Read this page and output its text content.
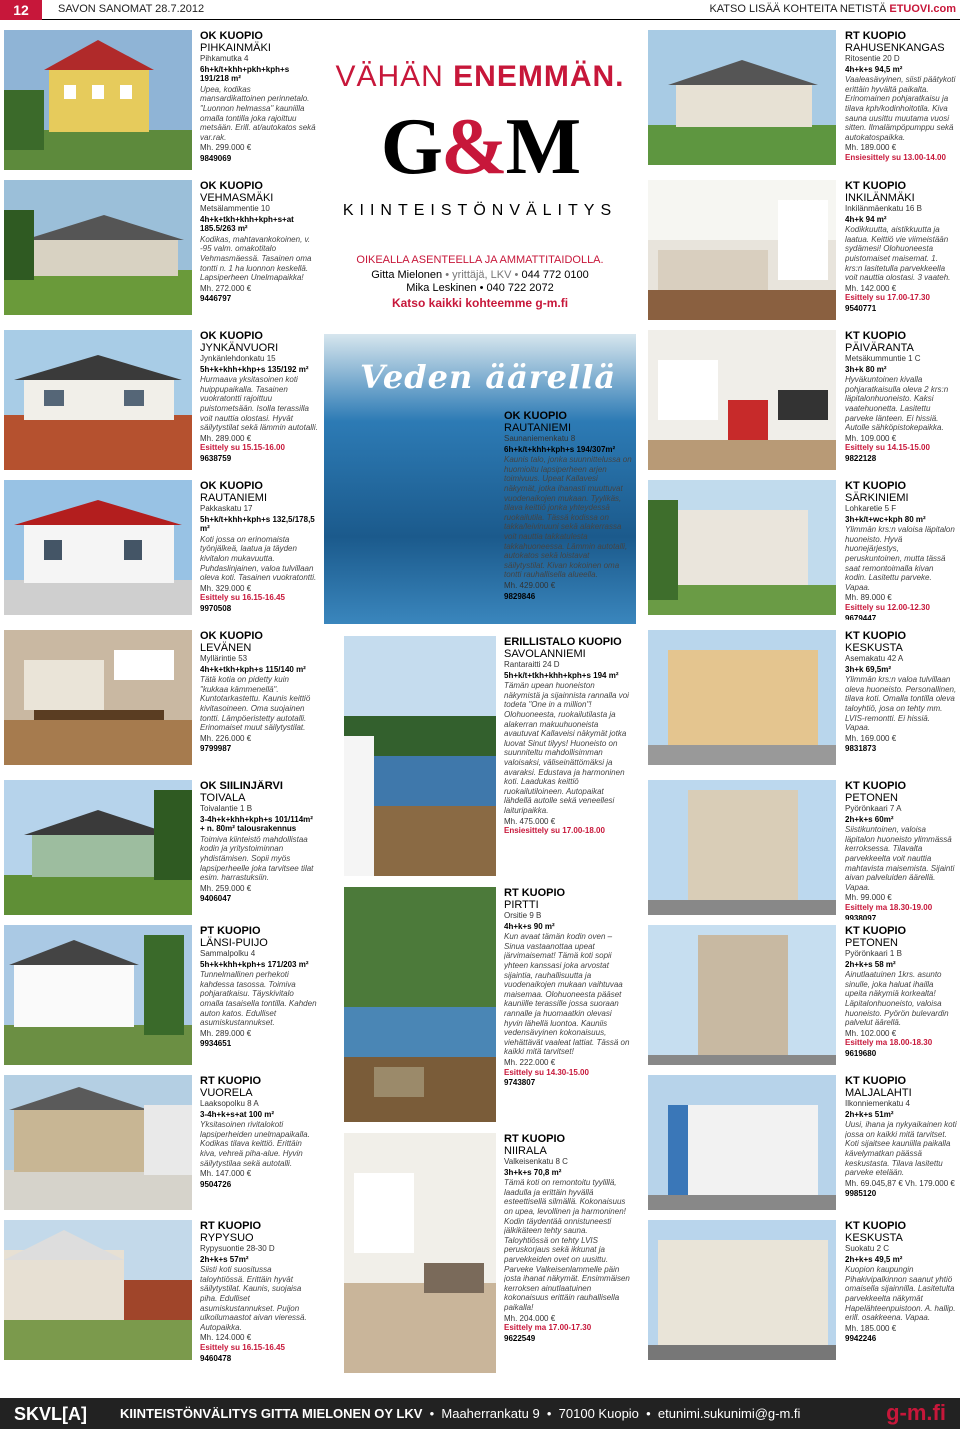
12	SAVON SANOMAT 28.7.2012	KATSO LISÄÄ KOHTEITA NETISTÄ ETUOVI.com
VÄHÄN ENEMMÄN.
G&M
KIINTEISTÖNVÄLITYS
OIKEALLA ASENTEELLA JA AMMATTITAIDOLLA.
Gitta Mielonen • yrittäjä, LKV • 044 772 0100
Mika Leskinen • 040 722 2072
Katso kaikki kohteemme g-m.fi
Veden äärellä
OK KUOPIO
PIHKAINMÄKI
Pihkamutka 4
6h+k/t+khh+pkh+kph+s 191/218 m²
Upea, kodikas mansardikattoinen perinnetalo. "Luonnon helmassa" kauniilla omalla tontilla joka rajoittuu metsään. Erill. at/autokatos sekä var.rak.
Mh. 299.000 €
9849069
OK KUOPIO
VEHMASMÄKI
Metsälammentie 10
4h+k+tkh+khh+kph+s+at 185.5/263 m²
Kodikas, mahtavankokoinen, v. -95 valm. omakotitalo Vehmasmäessä. Tasainen oma tontti n. 1 ha luonnon keskellä. Lapsiperheen Unelmapaikka!
Mh. 272.000 €
9446797
OK KUOPIO
JYNKÄNVUORI
Jynkänlehdonkatu 15
5h+k+khh+khp+s 135/192 m²
Hurmaava yksitasoinen koti huippupaikalla. Tasainen vuokratontti rajoittuu puistometsään. Isolla terassilla voit nauttia olostasi. Hyvät säilytystilat sekä lämmin autotalli.
Mh. 289.000 €
Esittely su 15.15-16.00
9638759
OK KUOPIO
RAUTANIEMI
Pakkaskatu 17
5h+k/t+khh+kph+s 132,5/178,5 m²
Koti jossa on erinomaista työnjälkeä, laatua ja täyden kivitalon mukavuutta. Puhdaslinjainen, valoa tulvillaan oleva koti. Tasainen vuokratontti.
Mh. 329.000 €
Esittely su 16.15-16.45
9970508
OK KUOPIO
LEVÄNEN
Myllärintie 53
4h+k+tkh+kph+s 115/140 m²
Tätä kotia on pidetty kuin "kukkaa kämmenellä". Kuntotarkastettu. Kaunis keittiö kivitasoineen. Oma suojainen tontti. Lämpöeristetty autotalli. Erinomaiset muut säilytystilat.
Mh. 226.000 €
9799987
OK SIILINJÄRVI
TOIVALA
Toivalantie 1 B
3-4h+k+khh+kph+s 101/114m² + n. 80m² talousrakennus
Toimiva kiinteistö mahdollistaa kodin ja yritystoiminnan yhdistämisen. Sopii myös lapsiperheelle joka tarvitsee tilat esim. harrastuksiin.
Mh. 259.000 €
9406047
PT KUOPIO
LÄNSI-PUIJO
Sammalpolku 4
5h+k+khh+kph+s 171/203 m²
Tunnelmallinen perhekoti kahdessa tasossa. Toimiva pohjaratkaisu. Täyskivitalo omalla tasaisella tontilla. Kahden auton katos. Edulliset asumiskustannukset.
Mh. 289.000 €
9934651
RT KUOPIO
VUORELA
Laaksopolku 8 A
3-4h+k+s+at 100 m²
Yksitasoinen rivitalokoti lapsiperheiden unelmapaikalla. Kodikas tilava keittiö. Erittäin kiva, vehreä piha-alue. Hyvin säilytystilaa sekä autotalli.
Mh. 147.000 €
9504726
RT KUOPIO
RYPYSUO
Rypysuontie 28-30 D
2h+k+s 57m²
Siisti koti suositussa taloyhtiössä. Erittäin hyvät säilytystilat. Kaunis, suojaisa piha. Edulliset asumiskustannukset. Puijon ulkoilumaastot aivan vieressä. Autopaikka.
Mh. 124.000 €
Esittely su 16.15-16.45
9460478
OK KUOPIO
RAUTANIEMI
Saunaniemenkatu 8
6h+k/t+khh+kph+s 194/307m²
Kaunis talo, jonka suunnittelussa on huomioitu lapsiperheen arjen toimivuus. Upeat Kallavesi näkymät, jotka ihanasti muuttuvat vuodenaikojen mukaan. Tyylikäs, tilava keittiö jonka yhteydessä ruokailutila. Tässä kodissa on takka/leivinuuni sekä alakerrassa voit nauttia takkatulesta takkahuoneessa. Lämmin autotalli, autokatos sekä loistavat säilytystilat. Kivan kokoinen oma tontti rauhallisella alueella.
Mh. 429.000 €
9829846
ERILLISTALO KUOPIO
SAVOLANNIEMI
Rantaraitti 24 D
5h+k/t+tkh+khh+kph+s 194 m²
Tämän upean huoneiston näkymistä ja sijainnista rannalla voi todeta "One in a million"! Olohuoneesta, ruokailutilasta ja alakerran makuuhuoneista avautuvat Kallaveisi näkymät jotka luovat Sinut tilyys! Huoneisto on suunniteltu mahdollisimman valoisaksi, väliseinättömäksi ja avaraksi. Edustava ja harmoninen koti. Laadukas keittiö ruokailutiloineen. Autopaikat lähdellä autolle sekä veneellesi laituripaikka.
Mh. 475.000 €
Ensiesittely su 17.00-18.00
RT KUOPIO
PIRTTI
Orsitie 9 B
4h+k+s 90 m²
Kun avaat tämän kodin oven – Sinua vastaanottaa upeat järvimaisemat! Tämä koti sopii yhteen kanssasi joka arvostat sijaintia, rauhallisuutta ja vuodenaikojen mukaan vaihtuvaa maisemaa. Olohuoneesta pääset kauniille terassille jossa suoraan rannalle ja huomaatkin olevasi hyvin lähellä luontoa. Kauniis vedensävyinen kokonaisuus, viehättävät vaaleat lattiat. Tässä on kaikki mitä tarvitset!
Mh. 222.000 €
Esittely su 14.30-15.00
9743807
RT KUOPIO
NIIRALA
Valkeisenkatu 8 C
3h+k+s 70,8 m²
Tämä koti on remontoitu tyylillä, laadulla ja erittäin hyvällä esteettisellä silmällä. Kokonaisuus on upea, levollinen ja harmoninen! Kodin täydentää onnistuneesti jälkikäteen tehty sauna. Taloyhtiössä on tehty LVIS peruskorjaus sekä ikkunat ja parvekkeiden ovet on uusittu. Parveke Valkeisenlammelle päin josta ihanat näkymät. Ensimmäisen kerroksen ainutlaatuinen kokonaisuus erittäin rauhallisella paikalla!
Mh. 204.000 €
Esittely ma 17.00-17.30
9622549
RT KUOPIO
RAHUSENKANGAS
Ritosentie 20 D
4h+k+s 94,5 m²
Vaaleasävyinen, siisti päätykoti erittäin hyvältä paikalta. Erinomainen pohjaratkaisu ja tilava kph/kodinhoitotila. Kiva sauna uusittu muutama vuosi sitten. Ilmalämpöpumppu sekä autokatospaikka.
Mh. 189.000 €
Ensiesittely su 13.00-14.00
KT KUOPIO
INKILÄNMÄKI
Inkilänmäenkatu 16 B
4h+k 94 m²
Kodikkuutta, aistikkuutta ja laatua. Keittiö vie viimeistään sydämesi! Olohuoneesta puistomaiset maisemat. 1. krs:n lasitetulla parvekkeella voit nauttia olostasi. 3 vaateh.
Mh. 142.000 €
Esittely su 17.00-17.30
9540771
KT KUOPIO
PÄIVÄRANTA
Metsäkummuntie 1 C
3h+k 80 m²
Hyväkuntoinen kivalla pohjaratkaisulla oleva 2 krs:n läpitalonhuoneisto. Kaksi vaatehuonetta. Lasitettu parveke länteen. Ei hissiä. Autolle sähköpistokepaikka.
Mh. 109.000 €
Esittely su 14.15-15.00
9822128
KT KUOPIO
SÄRKINIEMI
Lohkaretie 5 F
3h+k/t+wc+kph 80 m²
Ylimmän krs:n valoisa läpitalon huoneisto. Hyvä huonejärjestys, peruskuntoinen, mutta tässä saat remontoimalla kivan kodin. Lasitettu parveke. Vapaa.
Mh. 89.000 €
Esittely su 12.00-12.30
9679447
KT KUOPIO
KESKUSTA
Asemakatu 42 A
3h+k 69,5m²
Ylimmän krs:n valoa tulvillaan oleva huoneisto. Personallinen, tilava koti. Omalla tontilla oleva taloyhtiö, josa on tehty mm. LVIS-remontti. Ei hissiä. Vapaa.
Mh. 169.000 €
9831873
KT KUOPIO
PETONEN
Pyörönkaari 7 A
2h+k+s 60m²
Siistikuntoinen, valoisa läpitalon huoneisto ylimmässä kerroksessa. Tilavalta parvekkeelta voit nauttia mahtavista maisemista. Sijainti aivan palveluiden äärellä. Vapaa.
Mh. 99.000 €
Esittely ma 18.30-19.00
9938097
KT KUOPIO
PETONEN
Pyörönkaari 1 B
2h+k+s 58 m²
Ainutlaatuinen 1krs. asunto sinulle, joka haluat ihailla upeita näkymiä korkealta! Läpitalonhuoneisto, valoisa huoneisto. Pyörön bulevardin palvelut äärellä.
Mh. 102.000 €
Esittely ma 18.00-18.30
9619680
KT KUOPIO
MALJALAHTI
Ilkonniemenkatu 4
2h+k+s 51m²
Uusi, ihana ja nykyaikainen koti jossa on kaikki mitä tarvitset. Koti sijaitsee kauniilla paikalla kävelymatkan päässä keskustasta. Tilava lasitettu parveke etelään.
Mh. 69.045,87 € Vh. 179.000 €
9985120
KT KUOPIO
KESKUSTA
Suokatu 2 C
2h+k+s 49,5 m²
Kuopion kaupungin Pihakivipalkinnon saanut yhtiö omaisella sijainnilla. Lasitetulta parvekkeelta näkymät Hapelähteenpuistoon. A. hallip. erill. osakkeena. Vapaa.
Mh. 185.000 €
9942246
SKVL[A]	KIINTEISTÖNVÄLITYS GITTA MIELONEN OY LKV  •  Maaherrankatu 9  •  70100 Kuopio  •  etunimi.sukunimi@g-m.fi	g-m.fi
